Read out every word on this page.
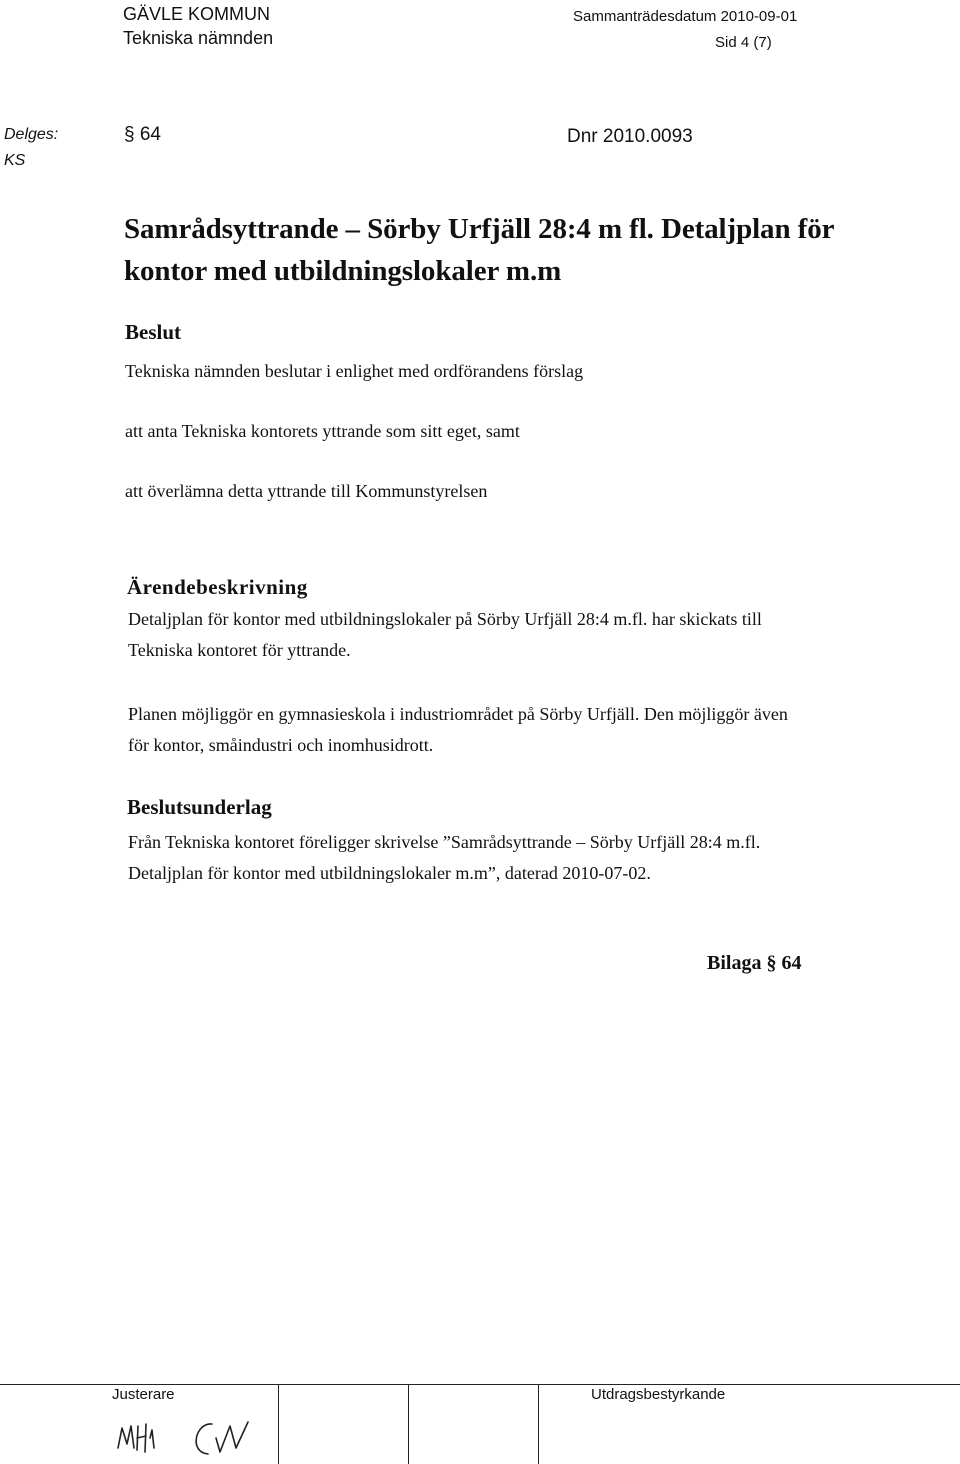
GÄVLE KOMMUN
Tekniska nämnden
Sammanträdesdatum 2010-09-01
Sid 4 (7)
Delges:
KS
§ 64	Dnr 2010.0093
Samrådsyttrande – Sörby Urfjäll 28:4 m fl. Detaljplan för kontor med utbildningslokaler m.m
Beslut
Tekniska nämnden beslutar i enlighet med ordförandens förslag
att anta Tekniska kontorets yttrande som sitt eget, samt
att överlämna detta yttrande till Kommunstyrelsen
Ärendebeskrivning
Detaljplan för kontor med utbildningslokaler på Sörby Urfjäll 28:4 m.fl. har skickats till Tekniska kontoret för yttrande.
Planen möjliggör en gymnasieskola i industriområdet på Sörby Urfjäll. Den möjliggör även för kontor, småindustri och inomhusidrott.
Beslutsunderlag
Från Tekniska kontoret föreligger skrivelse ”Samrådsyttrande – Sörby Urfjäll 28:4 m.fl. Detaljplan för kontor med utbildningslokaler m.m”, daterad 2010-07-02.
Bilaga § 64
Justerare	Utdragsbestyrkande
